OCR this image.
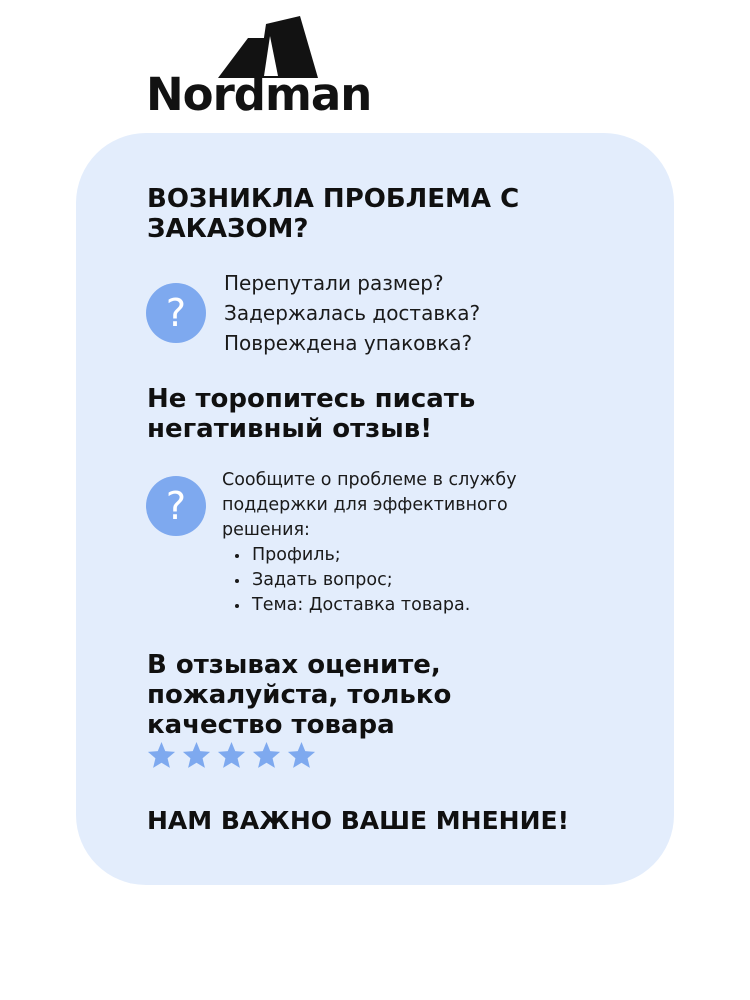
Nordman
ВОЗНИКЛА ПРОБЛЕМА С
ЗАКАЗОМ?
?
Перепутали размер?
Задержалась доставка?
Повреждена упаковка?
Не торопитесь писать
негативный отзыв!
?
Сообщите о проблеме в службу
поддержки для эффективного
решения:
Профиль;
Задать вопрос;
Тема: Доставка товара.
В отзывах оцените,
пожалуйста, только
качество товара
НАМ ВАЖНО ВАШЕ МНЕНИЕ!
